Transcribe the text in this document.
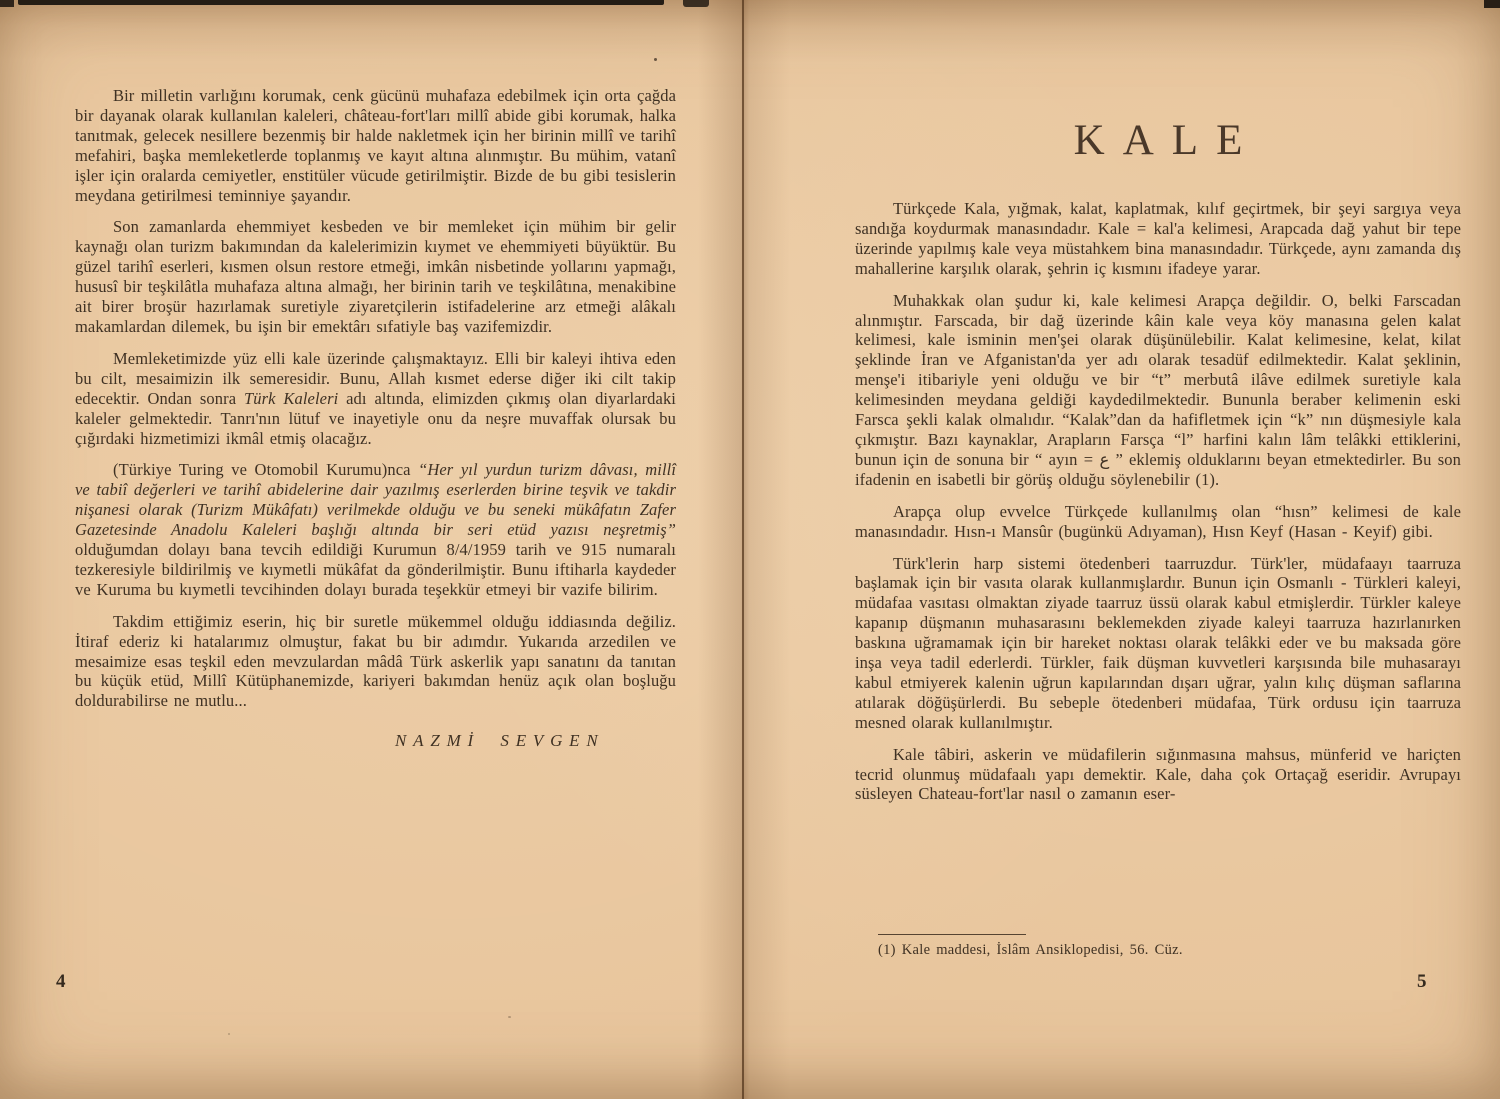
Bir milletin varlığını korumak, cenk gücünü muhafaza edebilmek için orta çağda bir dayanak olarak kullanılan kaleleri, château-fort'ları millî abide gibi korumak, halka tanıtmak, gelecek nesillere bezenmiş bir halde nakletmek için her birinin millî ve tarihî mefahiri, başka memleketlerde toplanmış ve kayıt altına alınmıştır. Bu mühim, vatanî işler için oralarda cemiyetler, enstitüler vücude getirilmiştir. Bizde de bu gibi tesislerin meydana getirilmesi teminniye şayandır.

Son zamanlarda ehemmiyet kesbeden ve bir memleket için mühim bir gelir kaynağı olan turizm bakımından da kalelerimizin kıymet ve ehemmiyeti büyüktür. Bu güzel tarihî eserleri, kısmen olsun restore etmeği, imkân nisbetinde yollarını yapmağı, hususî bir teşkilâtla muhafaza altına almağı, her birinin tarih ve teşkilâtına, menakibine ait birer broşür hazırlamak suretiyle ziyaretçilerin istifadelerine arz etmeği alâkalı makamlardan dilemek, bu işin bir emektârı sıfatiyle baş vazifemizdir.

Memleketimizde yüz elli kale üzerinde çalışmaktayız. Elli bir kaleyi ihtiva eden bu cilt, mesaimizin ilk semeresidir. Bunu, Allah kısmet ederse diğer iki cilt takip edecektir. Ondan sonra Türk Kaleleri adı altında, elimizden çıkmış olan diyarlardaki kaleler gelmektedir. Tanrı'nın lütuf ve inayetiyle onu da neşre muvaffak olursak bu çığırdaki hizmetimizi ikmâl etmiş olacağız.

(Türkiye Turing ve Otomobil Kurumu)nca “Her yıl yurdun turizm dâvası, millî ve tabiî değerleri ve tarihî abidelerine dair yazılmış eserlerden birine teşvik ve takdir nişanesi olarak (Turizm Mükâfatı) verilmekde olduğu ve bu seneki mükâfatın Zafer Gazetesinde Anadolu Kaleleri başlığı altında bir seri etüd yazısı neşretmiş” olduğumdan dolayı bana tevcih edildiği Kurumun 8/4/1959 tarih ve 915 numaralı tezkeresiyle bildirilmiş ve kıymetli mükâfat da gönderilmiştir. Bunu iftiharla kaydeder ve Kuruma bu kıymetli tevcihinden dolayı burada teşekkür etmeyi bir vazife bilirim.

Takdim ettiğimiz eserin, hiç bir suretle mükemmel olduğu iddiasında değiliz. İtiraf ederiz ki hatalarımız olmuştur, fakat bu bir adımdır. Yukarıda arzedilen ve mesaimize esas teşkil eden mevzulardan mâdâ Türk askerlik yapı sanatını da tanıtan bu küçük etüd, Millî Kütüphanemizde, kariyeri bakımdan henüz açık olan boşluğu doldurabilirse ne mutlu...

NAZMİ SEVGEN
4
KALE

Türkçede Kala, yığmak, kalat, kaplatmak, kılıf geçirtmek, bir şeyi sargıya veya sandığa koydurmak manasındadır. Kale = kal'a kelimesi, Arapcada dağ yahut bir tepe üzerinde yapılmış kale veya müstahkem bina manasındadır. Türkçede, aynı zamanda dış mahallerine karşılık olarak, şehrin iç kısmını ifadeye yarar.

Muhakkak olan şudur ki, kale kelimesi Arapça değildir. O, belki Farscadan alınmıştır. Farscada, bir dağ üzerinde kâin kale veya köy manasına gelen kalat kelimesi, kale isminin men'şei olarak düşünülebilir. Kalat kelimesine, kelat, kilat şeklinde İran ve Afganistan'da yer adı olarak tesadüf edilmektedir. Kalat şeklinin, menşe'i itibariyle yeni olduğu ve bir “t” merbutâ ilâve edilmek suretiyle kala kelimesinden meydana geldiği kaydedilmektedir. Bununla beraber kelimenin eski Farsca şekli kalak olmalıdır. “Kalak”dan da hafifletmek için “k” nın düşmesiyle kala çıkmıştır. Bazı kaynaklar, Arapların Farsça “l” harfini kalın lâm telâkki ettiklerini, bunun için de sonuna bir “ ayın = ع ” eklemiş olduklarını beyan etmektedirler. Bu son ifadenin en isabetli bir görüş olduğu söylenebilir (1).

Arapça olup evvelce Türkçede kullanılmış olan “hısn” kelimesi de kale manasındadır. Hısn-ı Mansûr (bugünkü Adıyaman), Hısn Keyf (Hasan - Keyif) gibi.

Türk'lerin harp sistemi ötedenberi taarruzdur. Türk'ler, müdafaayı taarruza başlamak için bir vasıta olarak kullanmışlardır. Bunun için Osmanlı - Türkleri kaleyi, müdafaa vasıtası olmaktan ziyade taarruz üssü olarak kabul etmişlerdir. Türkler kaleye kapanıp düşmanın muhasarasını beklemekden ziyade kaleyi taarruza hazırlanırken baskına uğramamak için bir hareket noktası olarak telâkki eder ve bu maksada göre inşa veya tadil ederlerdi. Türkler, faik düşman kuvvetleri karşısında bile muhasarayı kabul etmiyerek kalenin uğrun kapılarından dışarı uğrar, yalın kılıç düşman saflarına atılarak döğüşürlerdi. Bu sebeple ötedenberi müdafaa, Türk ordusu için taarruza mesned olarak kullanılmıştır.

Kale tâbiri, askerin ve müdafilerin sığınmasına mahsus, münferid ve hariçten tecrid olunmuş müdafaalı yapı demektir. Kale, daha çok Ortaçağ eseridir. Avrupayı süsleyen Chateau-fort'lar nasıl o zamanın eser-

(1) Kale maddesi, İslâm Ansiklopedisi, 56. Cüz.
5
